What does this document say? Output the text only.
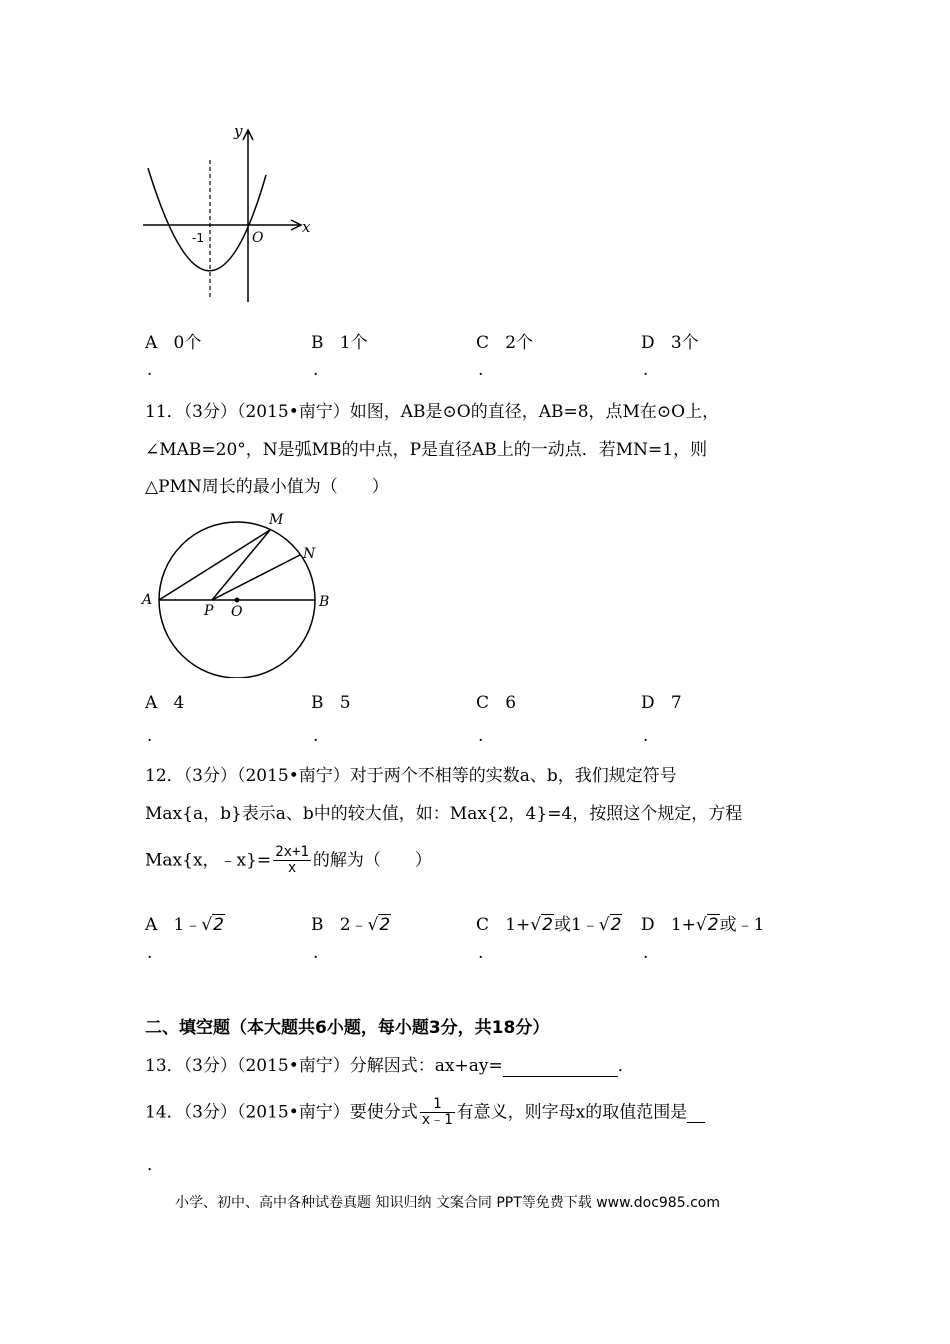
x
y
O
-1
A 0个	B 1个	C 2个	D 3个
.	.	.	.
11．（3分）（2015•南宁）如图，AB是⊙O的直径，AB=8，点M在⊙O上，
∠MAB=20°，N是弧MB的中点，P是直径AB上的一动点．若MN=1，则
△PMN周长的最小值为（　　）
A	B
M
N
P O
A 4	B 5	C 6	D 7
.	.	.	.
12．（3分）（2015•南宁）对于两个不相等的实数a、b，我们规定符号
Max{a，b}表示a、b中的较大值，如：Max{2，4}=4，按照这个规定，方程
Max{x，﹣x}= $\frac{2x+1}{x}$ 的解为（　　）
A 1﹣√2	B 2﹣√2	C 1+√2或1﹣√2 D 1+√2或﹣1
.	.	.	.
二、填空题（本大题共6小题，每小题3分，共18分）
13．（3分）（2015•南宁）分解因式：ax+ay=	．
14．（3分）（2015•南宁）要使分式 $\frac{1}{x﹣1}$ 有意义，则字母x的取值范围是
．
小学、初中、高中各种试卷真题 知识归纳 文案合同 PPT等免费下载 www.doc985.com
